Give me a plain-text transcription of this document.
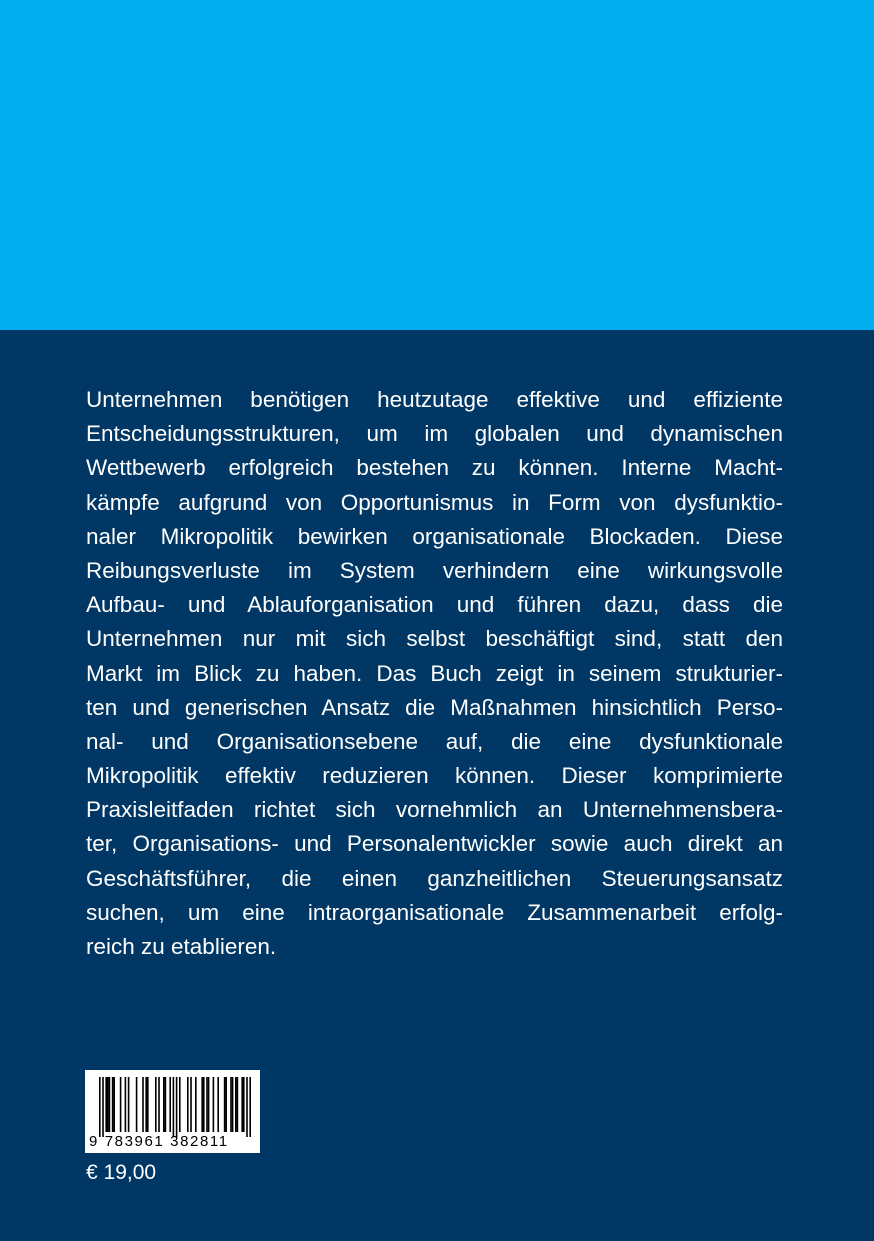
Unternehmen benötigen heutzutage effektive und effiziente
Entscheidungsstrukturen, um im globalen und dynamischen
Wettbewerb erfolgreich bestehen zu können. Interne Macht-
kämpfe aufgrund von Opportunismus in Form von dysfunktio-
naler Mikropolitik bewirken organisationale Blockaden. Diese
Reibungsverluste im System verhindern eine wirkungsvolle
Aufbau- und Ablauforganisation und führen dazu, dass die
Unternehmen nur mit sich selbst beschäftigt sind, statt den
Markt im Blick zu haben. Das Buch zeigt in seinem strukturier-
ten und generischen Ansatz die Maßnahmen hinsichtlich Perso-
nal- und Organisationsebene auf, die eine dysfunktionale
Mikropolitik effektiv reduzieren können. Dieser komprimierte
Praxisleitfaden richtet sich vornehmlich an Unternehmensbera-
ter, Organisations- und Personalentwickler sowie auch direkt an
Geschäftsführer, die einen ganzheitlichen Steuerungsansatz
suchen, um eine intraorganisationale Zusammenarbeit erfolg-
reich zu etablieren.
9 783961 382811
€ 19,00
